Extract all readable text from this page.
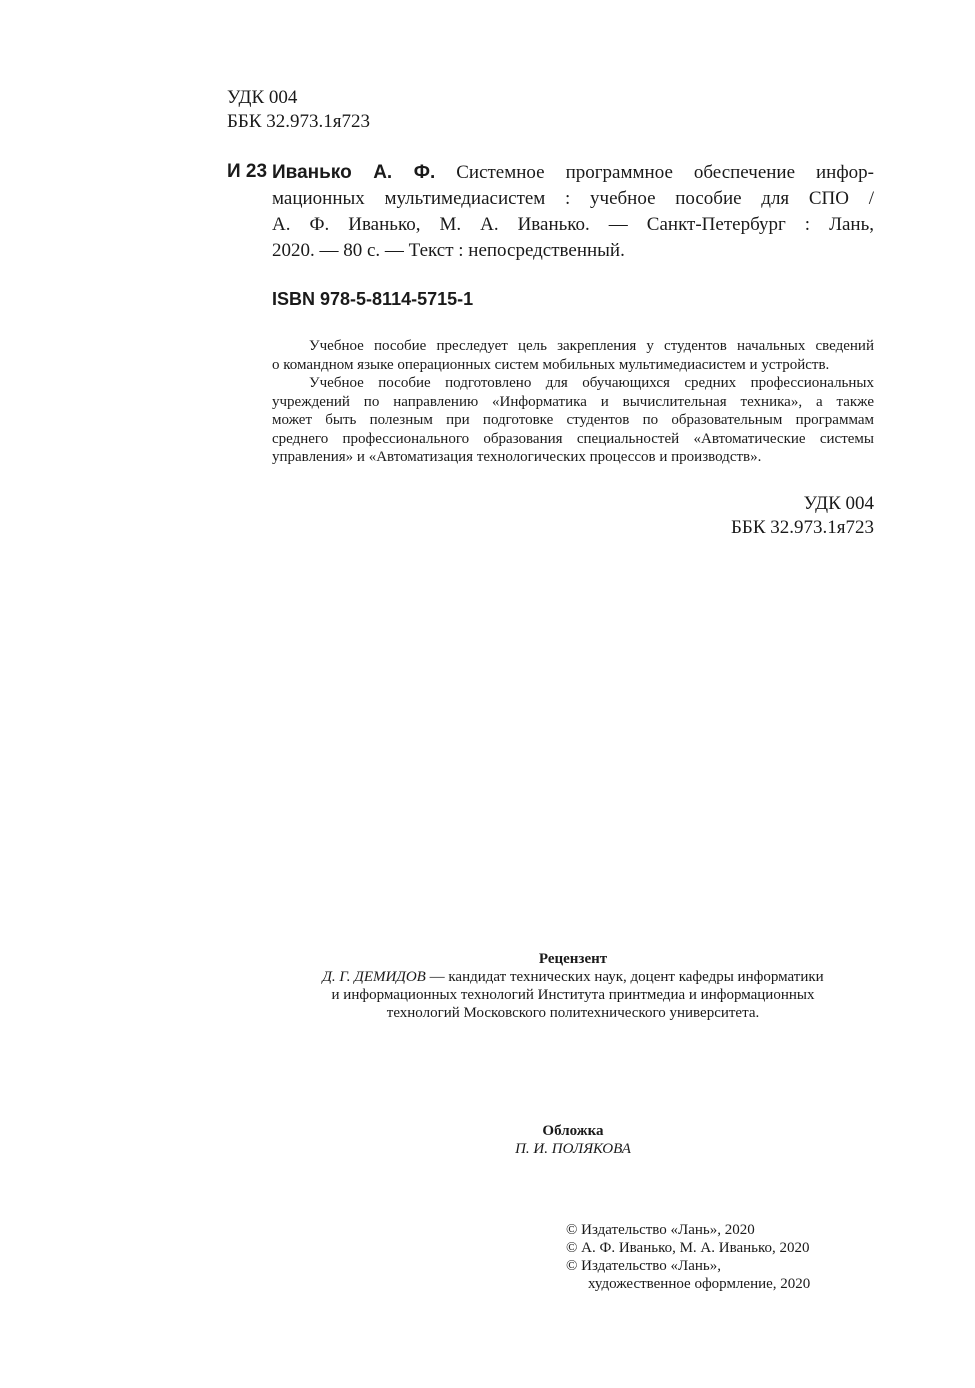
УДК 004
ББК 32.973.1я723
И 23 Иванько А. Ф. Системное программное обеспечение инфор-
мационных мультимедиасистем : учебное пособие для СПО /
А. Ф. Иванько, М. А. Иванько. — Санкт-Петербург : Лань,
2020. — 80 с. — Текст : непосредственный.
ISBN 978-5-8114-5715-1
Учебное пособие преследует цель закрепления у студентов начальных сведений
о командном языке операционных систем мобильных мультимедиасистем и устройств.
Учебное пособие подготовлено для обучающихся средних профессиональных
учреждений по направлению «Информатика и вычислительная техника», а также
может быть полезным при подготовке студентов по образовательным программам
среднего профессионального образования специальностей «Автоматические системы
управления» и «Автоматизация технологических процессов и производств».
УДК 004
ББК 32.973.1я723
Рецензент
Д. Г. ДЕМИДОВ — кандидат технических наук, доцент кафедры информатики
и информационных технологий Института принтмедиа и информационных
технологий Московского политехнического университета.
Обложка
П. И. ПОЛЯКОВА
© Издательство «Лань», 2020
© А. Ф. Иванько, М. А. Иванько, 2020
© Издательство «Лань»,
художественное оформление, 2020
